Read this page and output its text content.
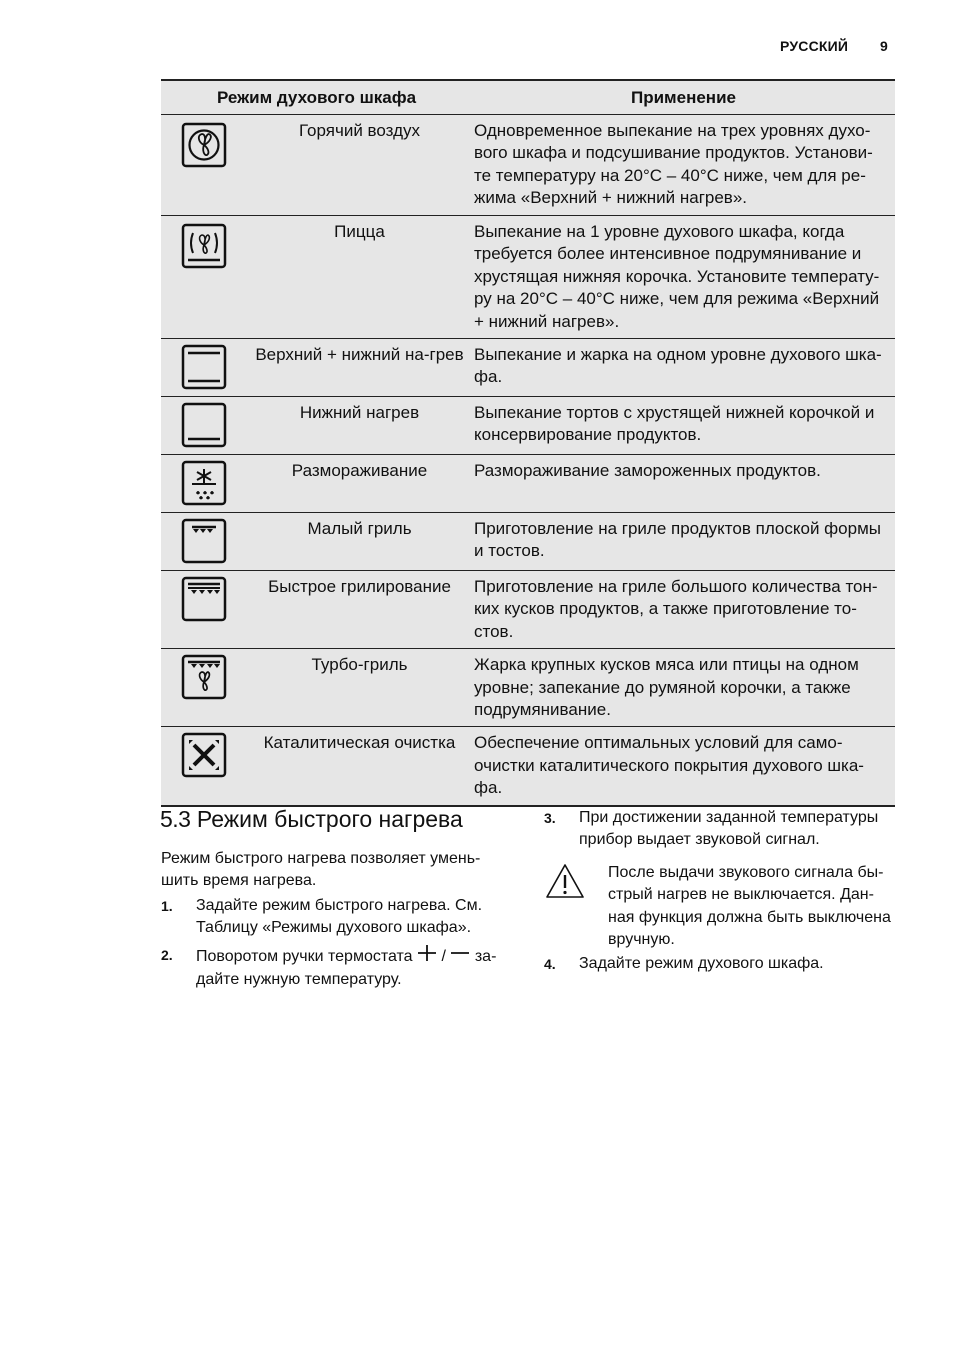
РУССКИЙ 9
Режим духового шкафа		Применение

	Горячий воздух	Одновременное выпекание на трех уровнях духо-вого шкафа и подсушивание продуктов. Установи-те температуру на 20°C – 40°C ниже, чем для ре-жима «Верхний + нижний нагрев».

	Пицца	Выпекание на 1 уровне духового шкафа, когда требуется более интенсивное подрумянивание и хрустящая нижняя корочка. Установите температу-ру на 20°C – 40°C ниже, чем для режима «Верхний + нижний нагрев».

	Верхний + нижний на-грев	Выпекание и жарка на одном уровне духового шка-фа.

	Нижний нагрев	Выпекание тортов с хрустящей нижней корочкой и консервирование продуктов.

	Размораживание	Размораживание замороженных продуктов.

	Малый гриль	Приготовление на гриле продуктов плоской формы и тостов.

	Быстрое грилирование	Приготовление на гриле большого количества тон-ких кусков продуктов, а также приготовление то-стов.

	Турбо-гриль	Жарка крупных кусков мяса или птицы на одном уровне; запекание до румяной корочки, а также подрумянивание.

	Каталитическая очистка	Обеспечение оптимальных условий для само-очистки каталитического покрытия духового шка-фа.
5.3 Режим быстрого нагрева
Режим быстрого нагрева позволяет умень-шить время нагрева.
1. Задайте режим быстрого нагрева. См. Таблицу «Режимы духового шкафа».
2. Поворотом ручки термостата / за-дайте нужную температуру.
3. При достижении заданной температуры прибор выдает звуковой сигнал.
После выдачи звукового сигнала бы-стрый нагрев не выключается. Дан-ная функция должна быть выключена вручную.
4. Задайте режим духового шкафа.
